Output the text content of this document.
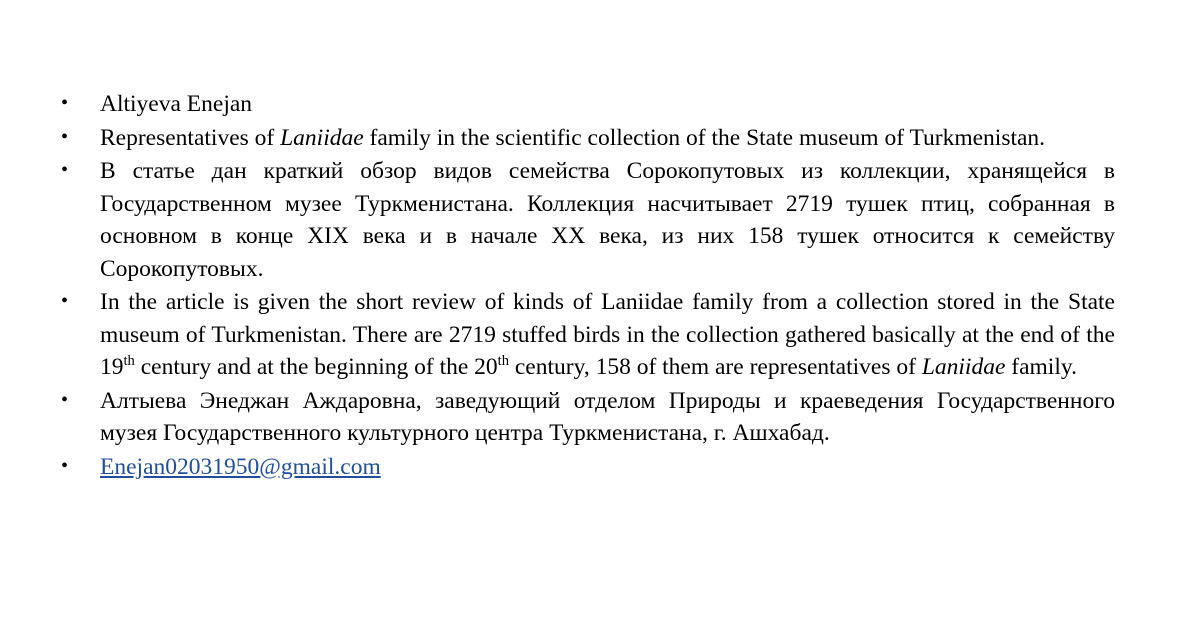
• Altiyeva Enejan
• Representatives of Laniidae family in the scientific collection of the State museum of Turkmenistan.
• В статье дан краткий обзор видов семейства Сорокопутовых из коллекции, хранящейся в Государственном музее Туркменистана. Коллекция насчитывает 2719 тушек птиц, собранная в основном в конце XIX века и в начале XX века, из них 158 тушек относится к семейству Сорокопутовых.
• In the article is given the short review of kinds of Laniidae family from a collection stored in the State museum of Turkmenistan. There are 2719 stuffed birds in the collection gathered basically at the end of the 19th century and at the beginning of the 20th century, 158 of them are representatives of Laniidae family.
• Алтыева Энеджан Аждаровна, заведующий отделом Природы и краеведения Государственного музея Государственного культурного центра Туркменистана, г. Ашхабад.
• Enejan02031950@gmail.com
